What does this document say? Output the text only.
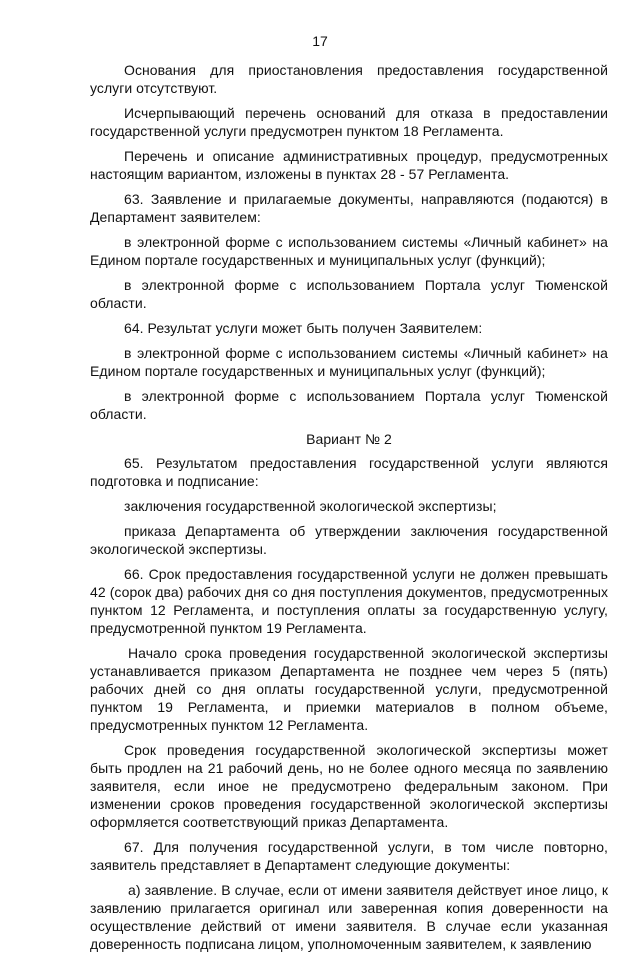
17

Основания для приостановления предоставления государственной услуги отсутствуют.

Исчерпывающий перечень оснований для отказа в предоставлении государственной услуги предусмотрен пунктом 18 Регламента.

Перечень и описание административных процедур, предусмотренных настоящим вариантом, изложены в пунктах 28 - 57 Регламента.

63. Заявление и прилагаемые документы, направляются (подаются) в Департамент заявителем:

в электронной форме с использованием системы «Личный кабинет» на Едином портале государственных и муниципальных услуг (функций);

в электронной форме с использованием Портала услуг Тюменской области.

64. Результат услуги может быть получен Заявителем:

в электронной форме с использованием системы «Личный кабинет» на Едином портале государственных и муниципальных услуг (функций);

в электронной форме с использованием Портала услуг Тюменской области.

Вариант № 2

65. Результатом предоставления государственной услуги являются подготовка и подписание:

заключения государственной экологической экспертизы;

приказа Департамента об утверждении заключения государственной экологической экспертизы.

66. Срок предоставления государственной услуги не должен превышать 42 (сорок два) рабочих дня со дня поступления документов, предусмотренных пунктом 12 Регламента, и поступления оплаты за государственную услугу, предусмотренной пунктом 19 Регламента.

Начало срока проведения государственной экологической экспертизы устанавливается приказом Департамента не позднее чем через 5 (пять) рабочих дней со дня оплаты государственной услуги, предусмотренной пунктом 19 Регламента, и приемки материалов в полном объеме, предусмотренных пунктом 12 Регламента.

Срок проведения государственной экологической экспертизы может быть продлен на 21 рабочий день, но не более одного месяца по заявлению заявителя, если иное не предусмотрено федеральным законом. При изменении сроков проведения государственной экологической экспертизы оформляется соответствующий приказ Департамента.

67. Для получения государственной услуги, в том числе повторно, заявитель представляет в Департамент следующие документы:

а) заявление. В случае, если от имени заявителя действует иное лицо, к заявлению прилагается оригинал или заверенная копия доверенности на осуществление действий от имени заявителя. В случае если указанная доверенность подписана лицом, уполномоченным заявителем, к заявлению
